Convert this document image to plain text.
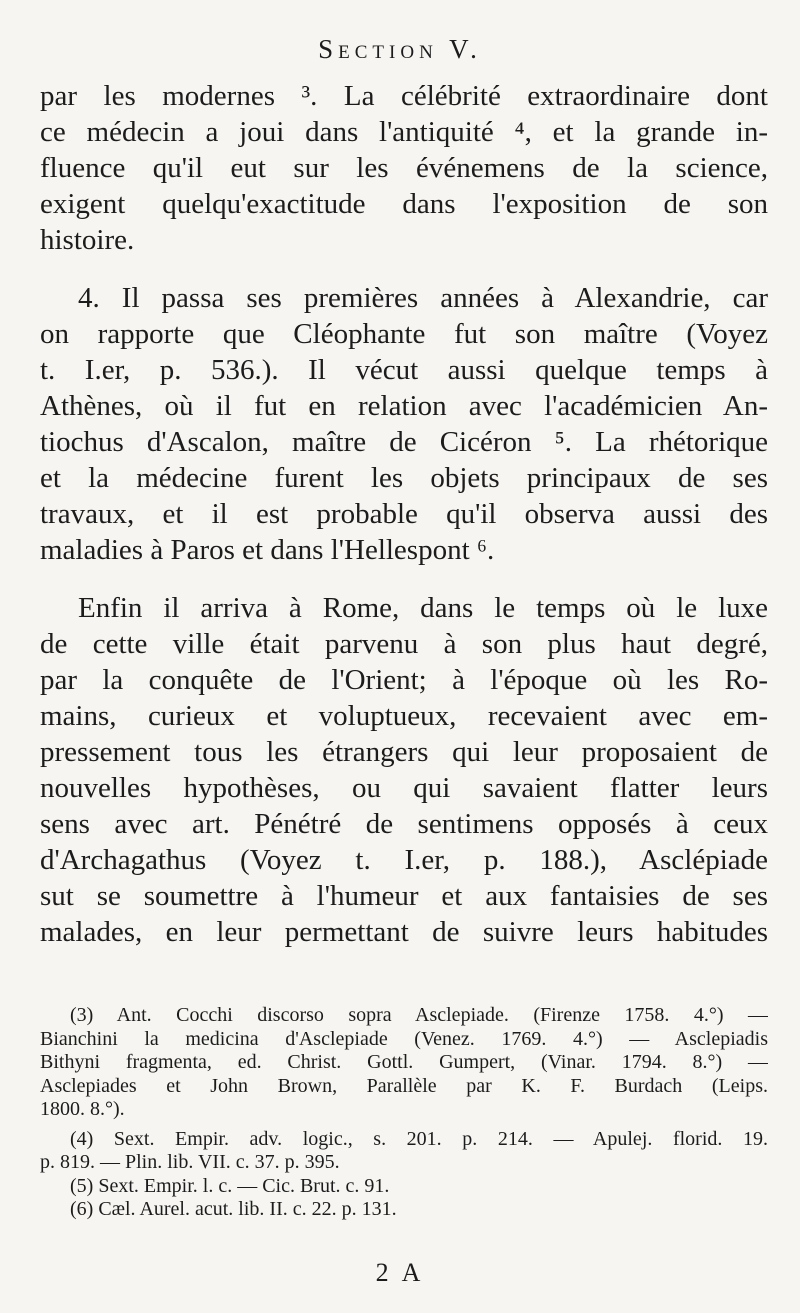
Section V.
par les modernes ³. La célébrité extraordinaire dont
ce médecin a joui dans l'antiquité ⁴, et la grande in-
fluence qu'il eut sur les événemens de la science,
exigent quelqu'exactitude dans l'exposition de son
histoire.
4. Il passa ses premières années à Alexandrie, car
on rapporte que Cléophante fut son maître (Voyez
t. I.er, p. 536.). Il vécut aussi quelque temps à
Athènes, où il fut en relation avec l'académicien An-
tiochus d'Ascalon, maître de Cicéron ⁵. La rhétorique
et la médecine furent les objets principaux de ses
travaux, et il est probable qu'il observa aussi des
maladies à Paros et dans l'Hellespont ⁶.
Enfin il arriva à Rome, dans le temps où le luxe
de cette ville était parvenu à son plus haut degré,
par la conquête de l'Orient; à l'époque où les Ro-
mains, curieux et voluptueux, recevaient avec em-
pressement tous les étrangers qui leur proposaient de
nouvelles hypothèses, ou qui savaient flatter leurs
sens avec art. Pénétré de sentimens opposés à ceux
d'Archagathus (Voyez t. I.er, p. 188.), Asclépiade
sut se soumettre à l'humeur et aux fantaisies de ses
malades, en leur permettant de suivre leurs habitudes
(3) Ant. Cocchi discorso sopra Asclepiade. (Firenze 1758. 4.°) —
Bianchini la medicina d'Asclepiade (Venez. 1769. 4.°) — Asclepiadis
Bithyni fragmenta, ed. Christ. Gottl. Gumpert, (Vinar. 1794. 8.°) —
Asclepiades et John Brown, Parallèle par K. F. Burdach (Leips.
1800. 8.°).
(4) Sext. Empir. adv. logic., s. 201. p. 214. — Apulej. florid. 19.
p. 819. — Plin. lib. VII. c. 37. p. 395.
(5) Sext. Empir. l. c. — Cic. Brut. c. 91.
(6) Cæl. Aurel. acut. lib. II. c. 22. p. 131.
2 A
